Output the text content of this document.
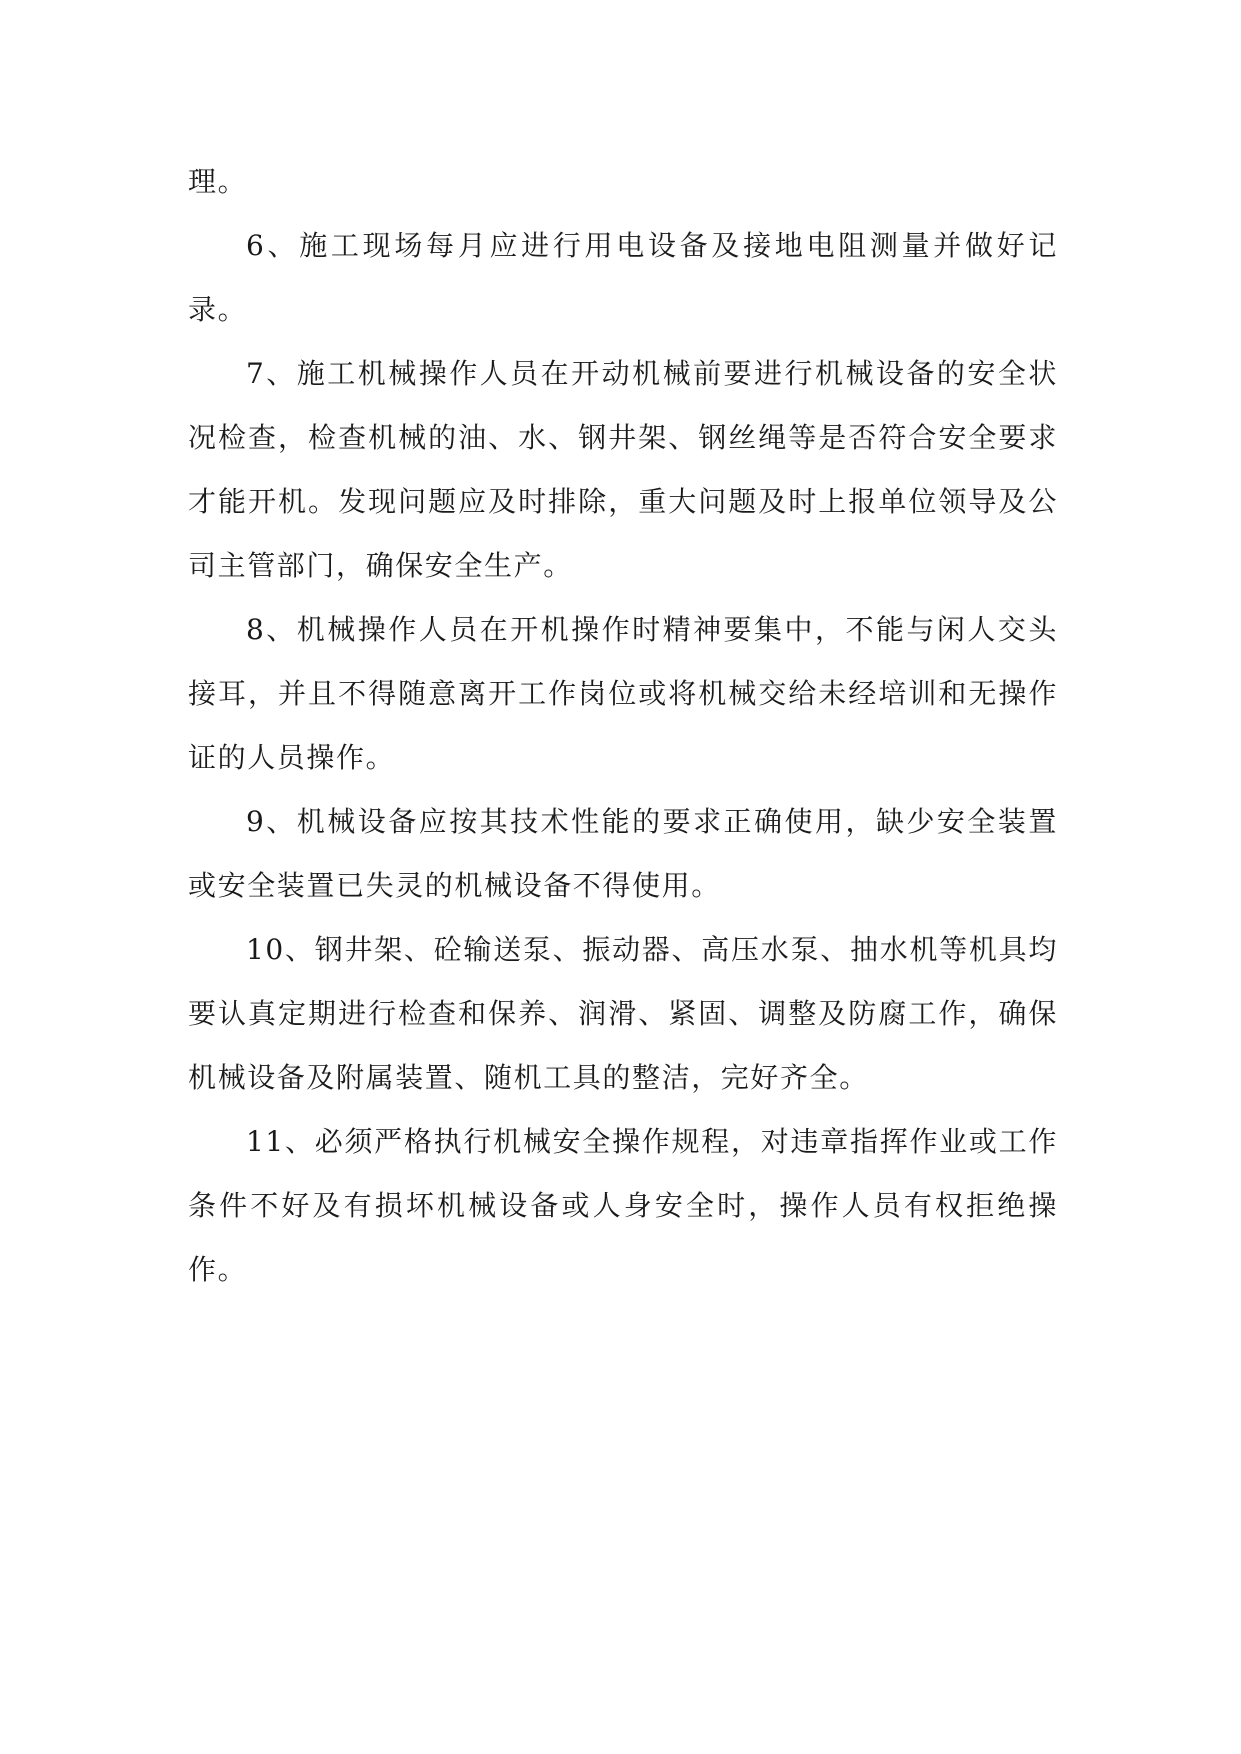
理。

6、施工现场每月应进行用电设备及接地电阻测量并做好记录。

7、施工机械操作人员在开动机械前要进行机械设备的安全状况检查，检查机械的油、水、钢井架、钢丝绳等是否符合安全要求才能开机。发现问题应及时排除，重大问题及时上报单位领导及公司主管部门，确保安全生产。

8、机械操作人员在开机操作时精神要集中，不能与闲人交头接耳，并且不得随意离开工作岗位或将机械交给未经培训和无操作证的人员操作。

9、机械设备应按其技术性能的要求正确使用，缺少安全装置或安全装置已失灵的机械设备不得使用。

10、钢井架、砼输送泵、振动器、高压水泵、抽水机等机具均要认真定期进行检查和保养、润滑、紧固、调整及防腐工作，确保机械设备及附属装置、随机工具的整洁，完好齐全。

11、必须严格执行机械安全操作规程，对违章指挥作业或工作条件不好及有损坏机械设备或人身安全时，操作人员有权拒绝操作。
